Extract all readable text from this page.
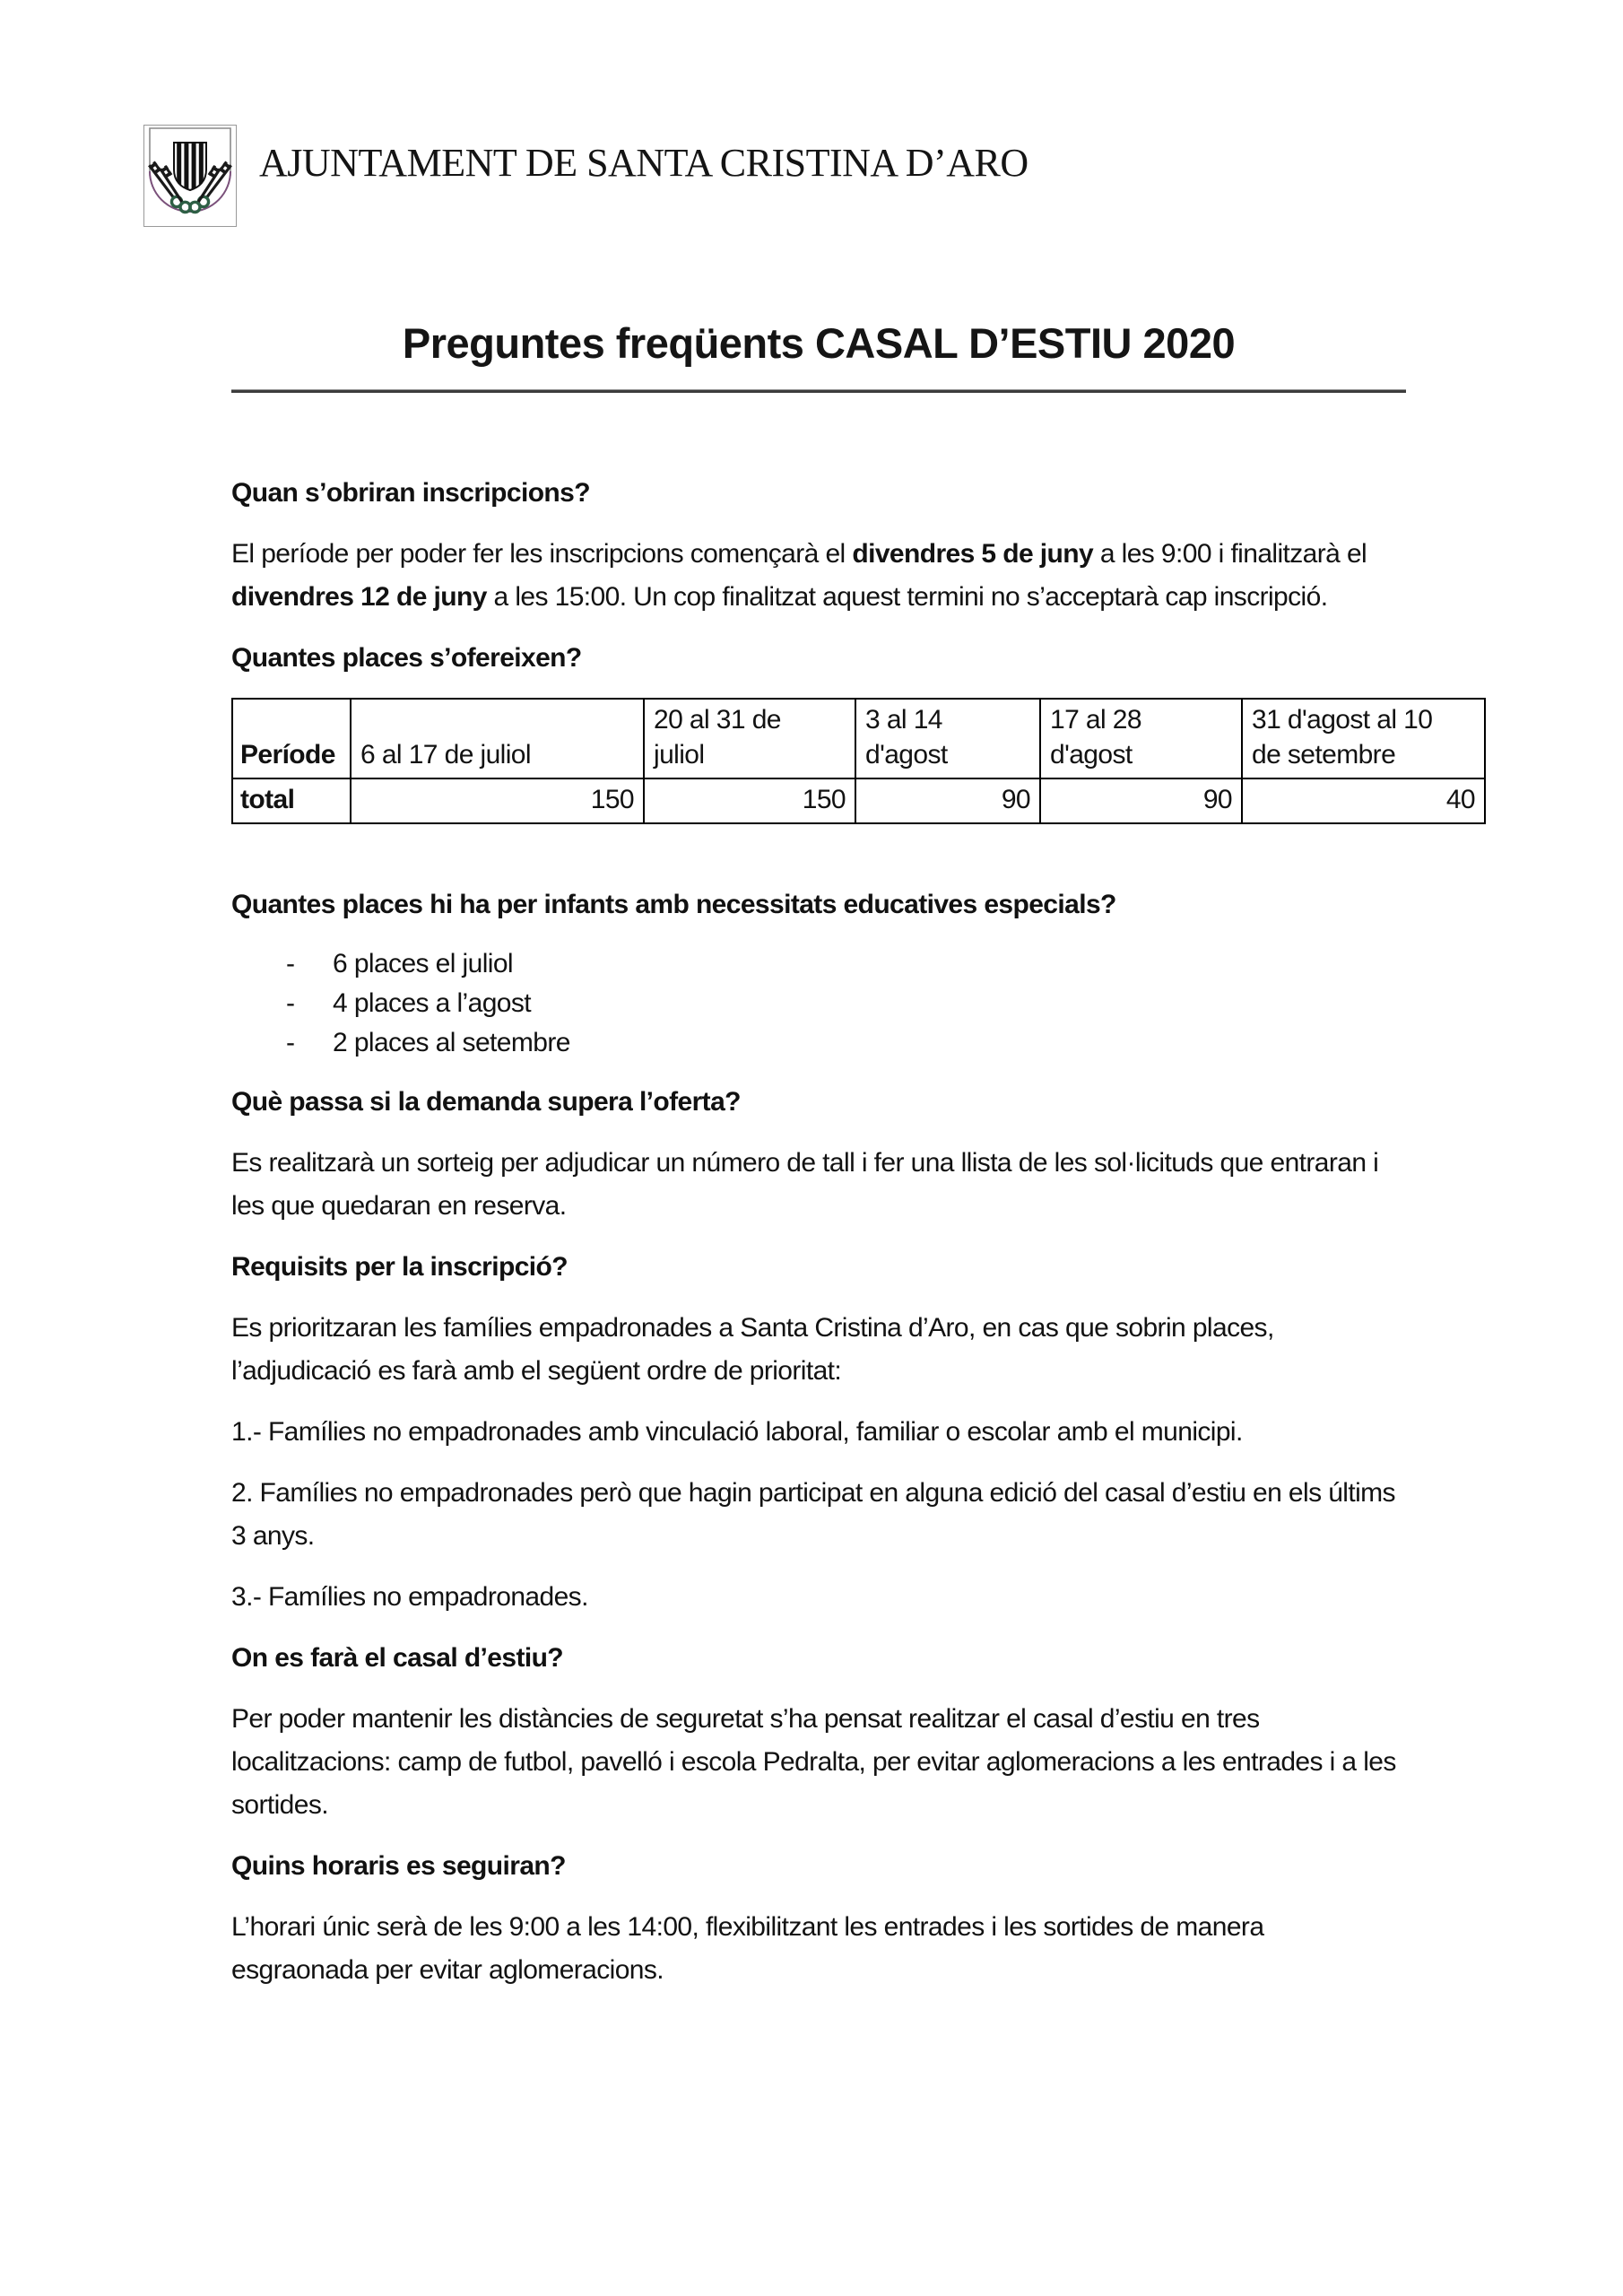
AJUNTAMENT DE SANTA CRISTINA D’ARO
Preguntes freqüents CASAL D’ESTIU 2020
Quan s’obriran inscripcions?
El període per poder fer les inscripcions començarà el divendres 5 de juny a les 9:00 i finalitzarà el divendres 12 de juny a les 15:00. Un cop finalitzat aquest termini no s’acceptarà cap inscripció.
Quantes places s’ofereixen?
Període	6 al 17 de juliol	20 al 31 de juliol	3 al 14 d'agost	17 al 28 d'agost	31 d'agost al 10 de setembre
total	150	150	90	90	40
Quantes places hi ha per infants amb necessitats educatives especials?
-	6 places el juliol
-	4 places a l’agost
-	2 places al setembre
Què passa si la demanda supera l’oferta?
Es realitzarà un sorteig per adjudicar un número de tall i fer una llista de les sol·licituds que entraran i les que quedaran en reserva.
Requisits per la inscripció?
Es prioritzaran les famílies empadronades a Santa Cristina d’Aro, en cas que sobrin places, l’adjudicació es farà amb el següent ordre de prioritat:
1.- Famílies no empadronades amb vinculació laboral, familiar o escolar amb el municipi.
2. Famílies no empadronades però que hagin participat en alguna edició del casal d’estiu en els últims 3 anys.
3.- Famílies no empadronades.
On es farà el casal d’estiu?
Per poder mantenir les distàncies de seguretat s’ha pensat realitzar el casal d’estiu en tres localitzacions: camp de futbol, pavelló i escola Pedralta, per evitar aglomeracions a les entrades i a les sortides.
Quins horaris es seguiran?
L’horari únic serà de les 9:00 a les 14:00, flexibilitzant les entrades i les sortides de manera esgraonada per evitar aglomeracions.
